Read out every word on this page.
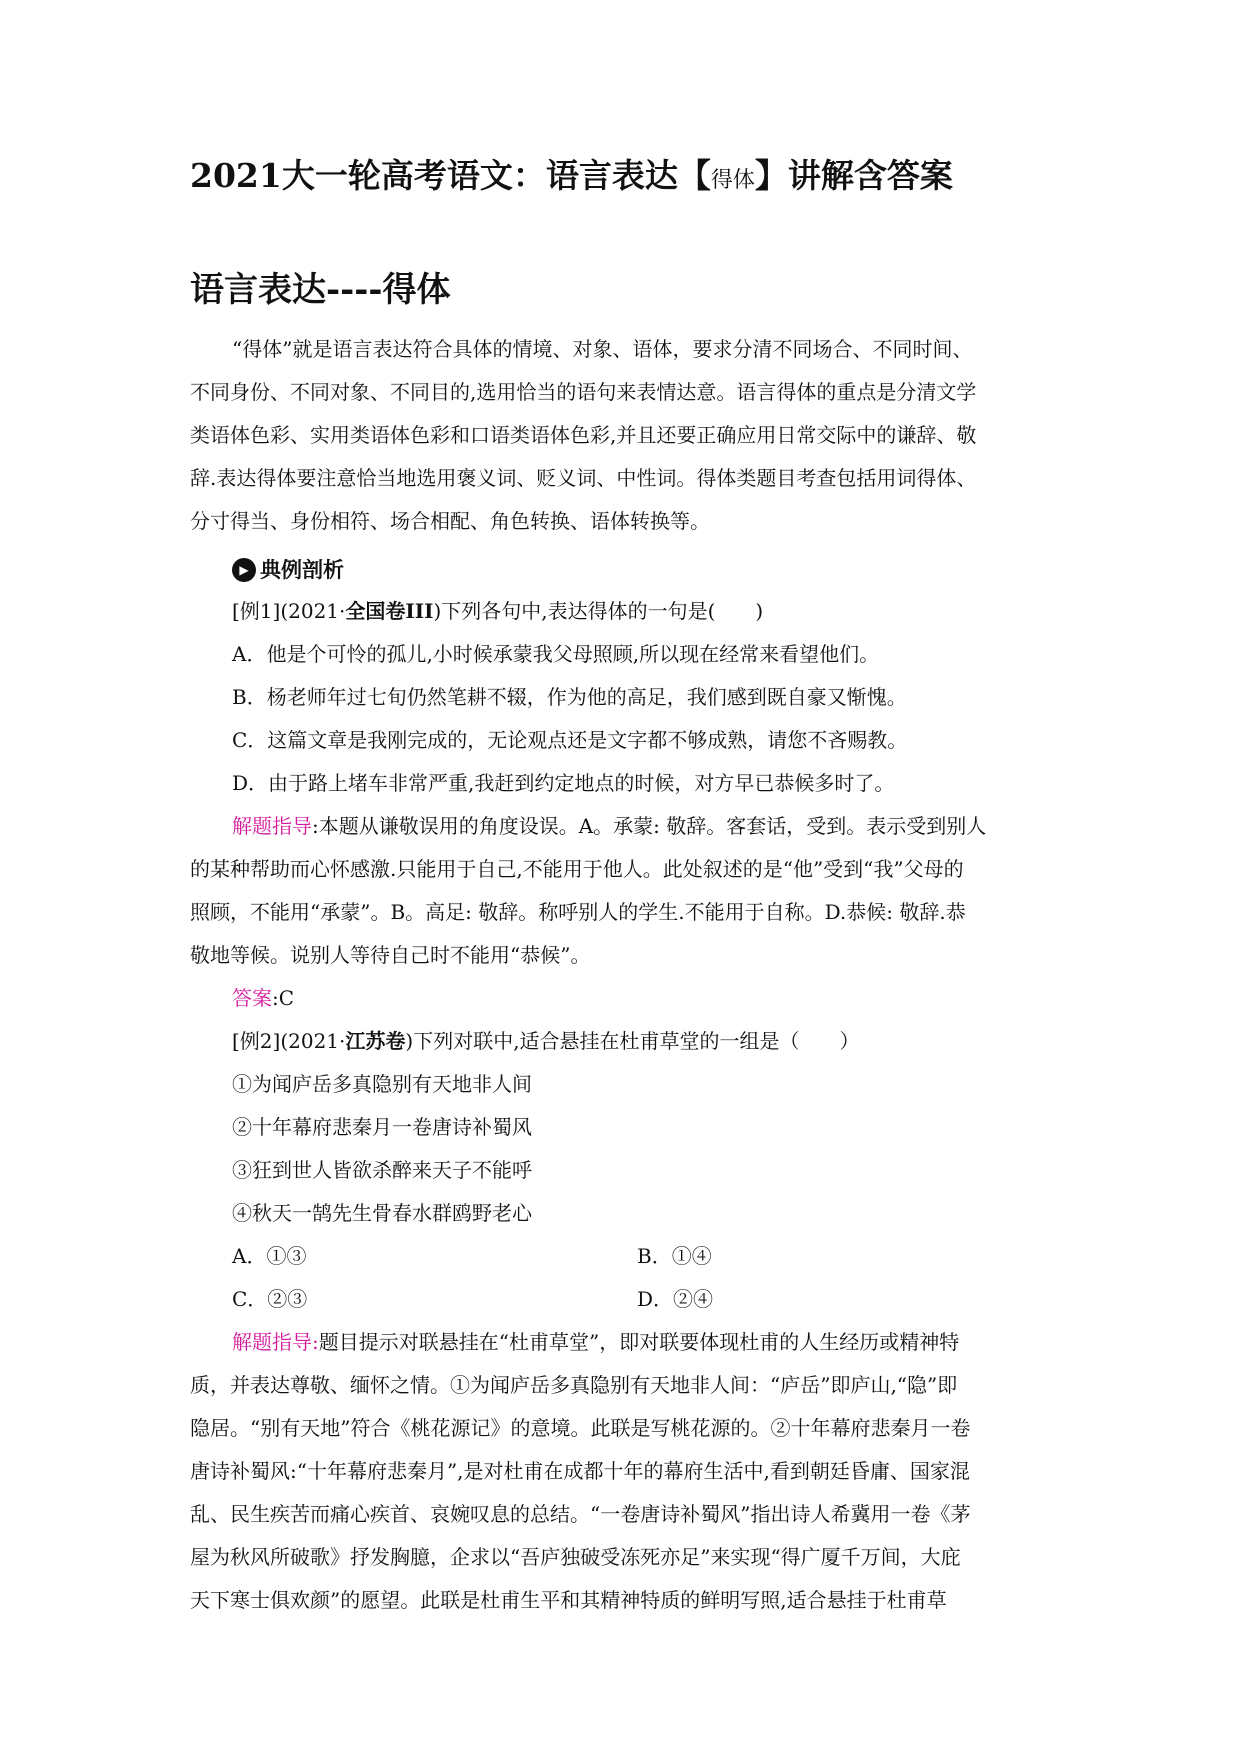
2021大一轮高考语文：语言表达【得体】讲解含答案
语言表达----得体
“得体”就是语言表达符合具体的情境、对象、语体，要求分清不同场合、不同时间、
不同身份、不同对象、不同目的,选用恰当的语句来表情达意。语言得体的重点是分清文学
类语体色彩、实用类语体色彩和口语类语体色彩,并且还要正确应用日常交际中的谦辞、敬
辞.表达得体要注意恰当地选用褒义词、贬义词、中性词。得体类题目考查包括用词得体、
分寸得当、身份相符、场合相配、角色转换、语体转换等。
▶ 典例剖析
[例1](2021·全国卷III)下列各句中,表达得体的一句是(　　)
A．他是个可怜的孤儿,小时候承蒙我父母照顾,所以现在经常来看望他们。
B．杨老师年过七旬仍然笔耕不辍，作为他的高足，我们感到既自豪又惭愧。
C．这篇文章是我刚完成的，无论观点还是文字都不够成熟，请您不吝赐教。
D．由于路上堵车非常严重,我赶到约定地点的时候，对方早已恭候多时了。
解题指导:本题从谦敬误用的角度设误。A。承蒙: 敬辞。客套话，受到。表示受到别人
的某种帮助而心怀感激.只能用于自己,不能用于他人。此处叙述的是“他”受到“我”父母的
照顾，不能用“承蒙”。B。高足: 敬辞。称呼别人的学生.不能用于自称。D.恭候: 敬辞.恭
敬地等候。说别人等待自己时不能用“恭候”。
答案:C
[例2](2021·江苏卷)下列对联中,适合悬挂在杜甫草堂的一组是（　　）
①为闻庐岳多真隐别有天地非人间
②十年幕府悲秦月一卷唐诗补蜀风
③狂到世人皆欲杀醉来天子不能呼
④秋天一鹄先生骨春水群鸥野老心
A．①③	B．①④
C．②③	D．②④
解题指导:题目提示对联悬挂在“杜甫草堂”，即对联要体现杜甫的人生经历或精神特
质，并表达尊敬、缅怀之情。①为闻庐岳多真隐别有天地非人间：“庐岳”即庐山,“隐”即
隐居。“别有天地”符合《桃花源记》的意境。此联是写桃花源的。②十年幕府悲秦月一卷
唐诗补蜀风:“十年幕府悲秦月”,是对杜甫在成都十年的幕府生活中,看到朝廷昏庸、国家混
乱、民生疾苦而痛心疾首、哀婉叹息的总结。“一卷唐诗补蜀风”指出诗人希冀用一卷《茅
屋为秋风所破歌》抒发胸臆，企求以“吾庐独破受冻死亦足”来实现“得广厦千万间，大庇
天下寒士俱欢颜”的愿望。此联是杜甫生平和其精神特质的鲜明写照,适合悬挂于杜甫草
